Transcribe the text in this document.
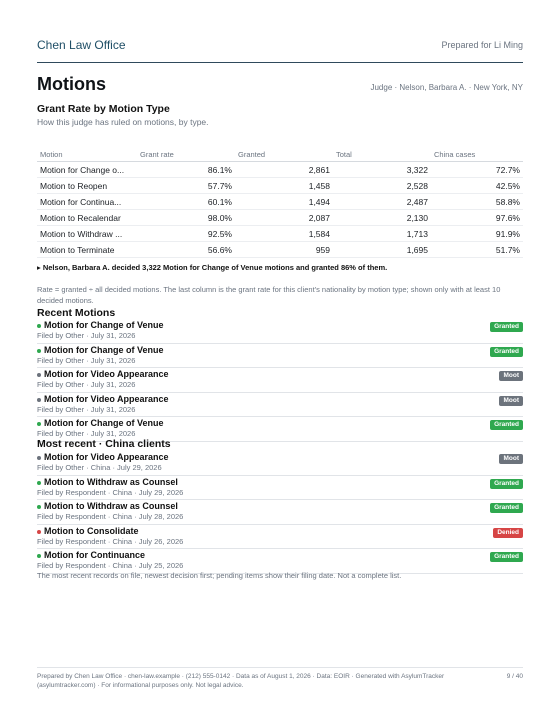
Chen Law Office	Prepared for Li Ming
Motions	Judge · Nelson, Barbara A. · New York, NY
Grant Rate by Motion Type
How this judge has ruled on motions, by type.
Motion	Grant rate	Granted	Total	China cases
Motion for Change o...	86.1%	2,861	3,322	72.7%
Motion to Reopen	57.7%	1,458	2,528	42.5%
Motion for Continua...	60.1%	1,494	2,487	58.8%
Motion to Recalendar	98.0%	2,087	2,130	97.6%
Motion to Withdraw ...	92.5%	1,584	1,713	91.9%
Motion to Terminate	56.6%	959	1,695	51.7%
▸ Nelson, Barbara A. decided 3,322 Motion for Change of Venue motions and granted 86% of them.
Rate = granted ÷ all decided motions. The last column is the grant rate for this client's nationality by motion type; shown only with at least 10 decided motions.
Recent Motions
Motion for Change of Venue
Filed by Other · July 31, 2026
Granted
Motion for Change of Venue
Filed by Other · July 31, 2026
Granted
Motion for Video Appearance
Filed by Other · July 31, 2026
Moot
Motion for Video Appearance
Filed by Other · July 31, 2026
Moot
Motion for Change of Venue
Filed by Other · July 31, 2026
Granted
Most recent · China clients
Motion for Video Appearance
Filed by Other · China · July 29, 2026
Moot
Motion to Withdraw as Counsel
Filed by Respondent · China · July 29, 2026
Granted
Motion to Withdraw as Counsel
Filed by Respondent · China · July 28, 2026
Granted
Motion to Consolidate
Filed by Respondent · China · July 26, 2026
Denied
Motion for Continuance
Filed by Respondent · China · July 25, 2026
Granted
The most recent records on file, newest decision first; pending items show their filing date. Not a complete list.
Prepared by Chen Law Office · chen-law.example · (212) 555-0142 · Data as of August 1, 2026 · Data: EOIR · Generated with AsylumTracker (asylumtracker.com) · For informational purposes only. Not legal advice.
9 / 40
